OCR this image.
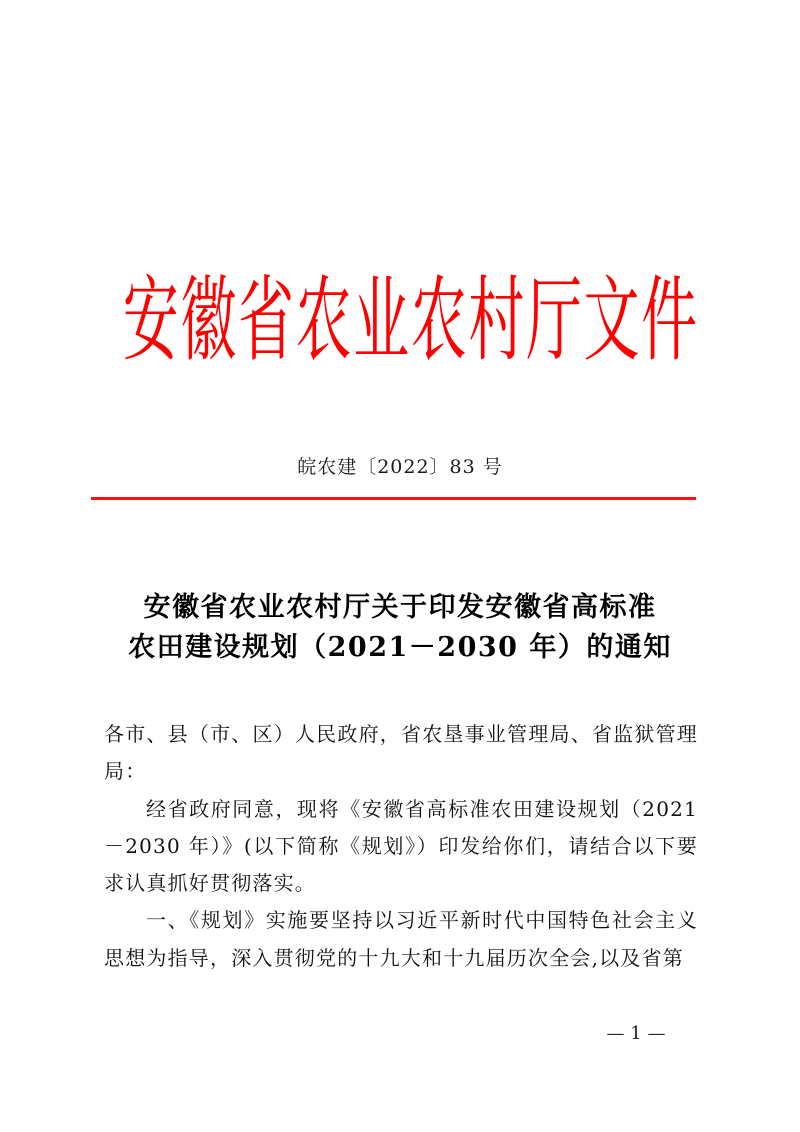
安 徽 省 农 业 农 村 厅 文 件
皖农建〔2022〕83 号
安徽省农业农村厅关于印发安徽省高标准
农田建设规划（2021－2030 年）的通知

各市、县（市、区）人民政府，省农垦事业管理局、省监狱管理局：

经省政府同意，现将《安徽省高标准农田建设规划（2021－2030 年）》(以下简称《规划》）印发给你们，请结合以下要求认真抓好贯彻落实。

一、《规划》实施要坚持以习近平新时代中国特色社会主义思想为指导，深入贯彻党的十九大和十九届历次全会,以及省第

— 1 —
